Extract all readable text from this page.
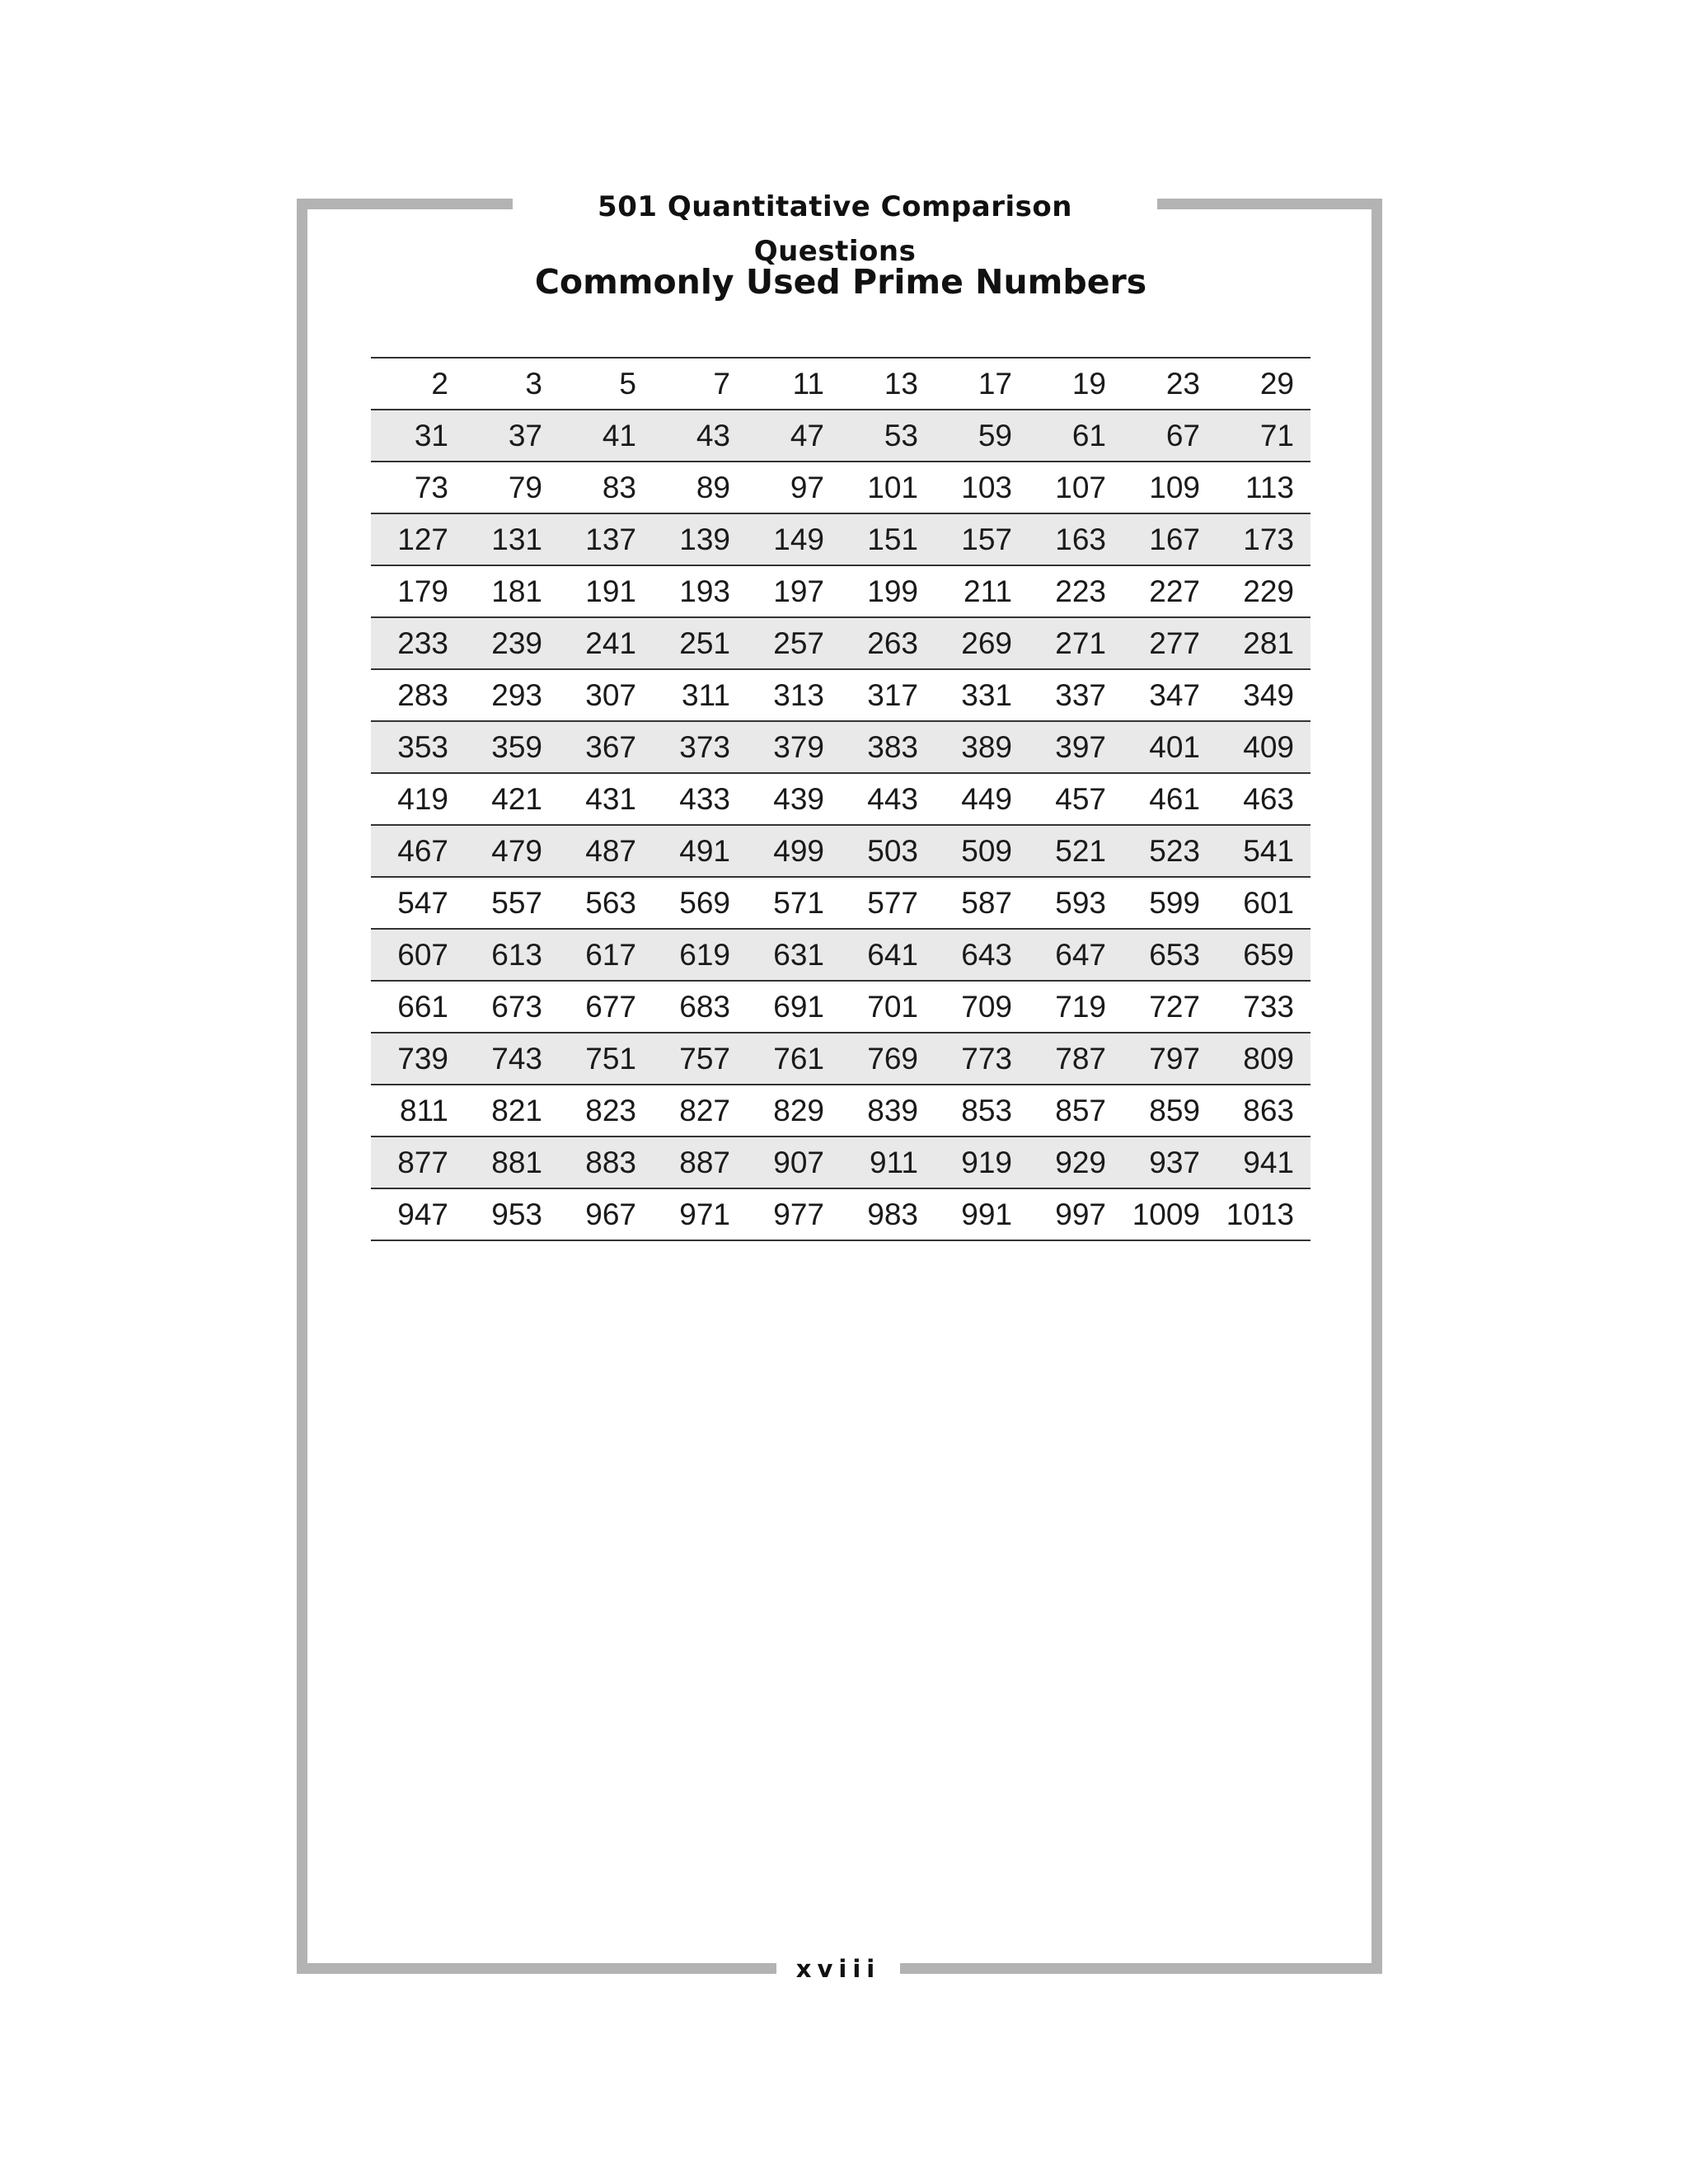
501 Quantitative Comparison Questions
Commonly Used Prime Numbers
2	3	5	7	11	13	17	19	23	29
31	37	41	43	47	53	59	61	67	71
73	79	83	89	97	101	103	107	109	113
127	131	137	139	149	151	157	163	167	173
179	181	191	193	197	199	211	223	227	229
233	239	241	251	257	263	269	271	277	281
283	293	307	311	313	317	331	337	347	349
353	359	367	373	379	383	389	397	401	409
419	421	431	433	439	443	449	457	461	463
467	479	487	491	499	503	509	521	523	541
547	557	563	569	571	577	587	593	599	601
607	613	617	619	631	641	643	647	653	659
661	673	677	683	691	701	709	719	727	733
739	743	751	757	761	769	773	787	797	809
811	821	823	827	829	839	853	857	859	863
877	881	883	887	907	911	919	929	937	941
947	953	967	971	977	983	991	997	1009	1013
xviii
